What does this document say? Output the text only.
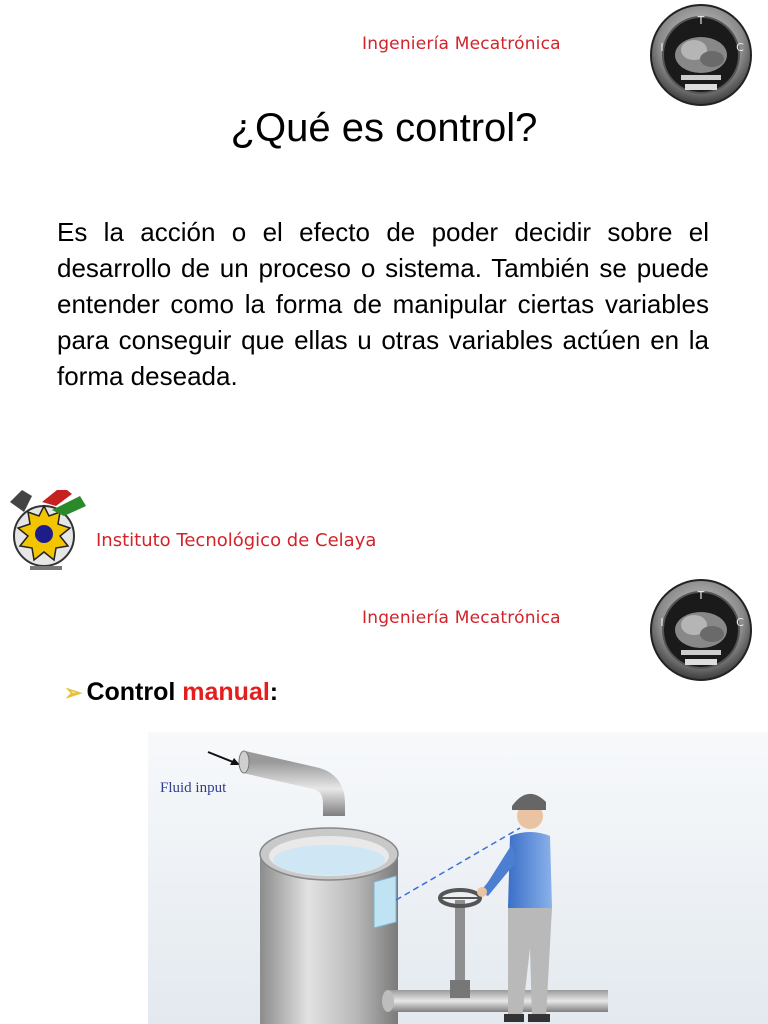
Ingeniería Mecatrónica
T
I	C
¿Qué es control?

Es la acción o el efecto de poder decidir sobre el desarrollo de un proceso o sistema. También se puede entender como la forma de manipular ciertas variables para conseguir que ellas u otras variables actúen en la forma deseada.

Instituto Tecnológico de Celaya
Ingeniería Mecatrónica
T
I	C
➢ Control manual:
Fluid input
